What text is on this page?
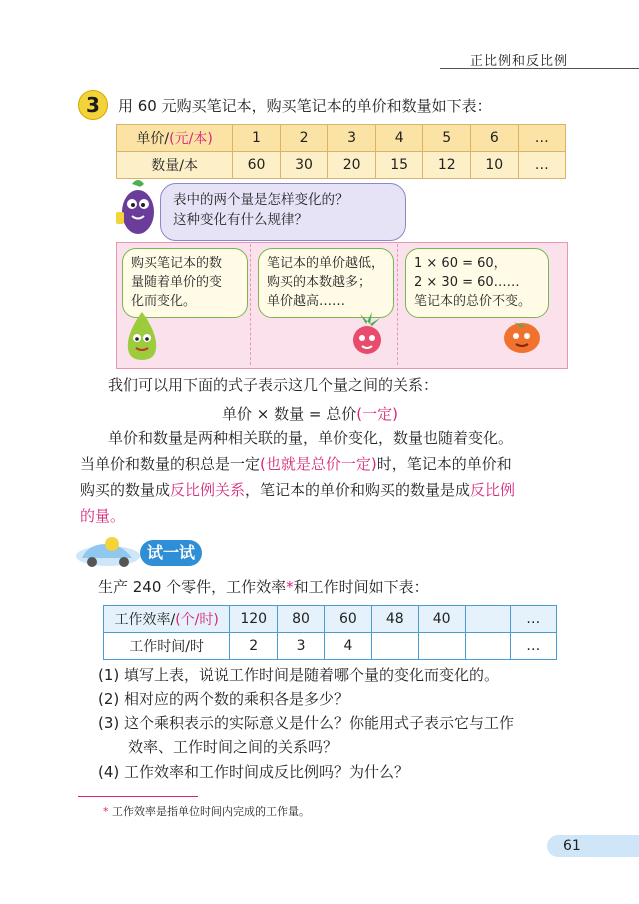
正比例和反比例
3	用 60 元购买笔记本，购买笔记本的单价和数量如下表：
单价/(元/本)	1	2	3	4	5	6	…
数量/本	60	30	20	15	12	10	…
表中的两个量是怎样变化的？
这种变化有什么规律？
购买笔记本的数
量随着单价的变
化而变化。
笔记本的单价越低，
购买的本数越多；
单价越高……
1 × 60 = 60，
2 × 30 = 60……
笔记本的总价不变。
我们可以用下面的式子表示这几个量之间的关系：
单价 × 数量 = 总价(一定)
单价和数量是两种相关联的量，单价变化，数量也随着变化。
当单价和数量的积总是一定(也就是总价一定)时，笔记本的单价和
购买的数量成反比例关系，笔记本的单价和购买的数量是成反比例
的量。
试一试
生产 240 个零件，工作效率*和工作时间如下表：
工作效率/(个/时)	120	80	60	48	40		…
工作时间/时	2	3	4				…
(1) 填写上表，说说工作时间是随着哪个量的变化而变化的。
(2) 相对应的两个数的乘积各是多少？
(3) 这个乘积表示的实际意义是什么？你能用式子表示它与工作
效率、工作时间之间的关系吗？
(4) 工作效率和工作时间成反比例吗？为什么？
* 工作效率是指单位时间内完成的工作量。
61
